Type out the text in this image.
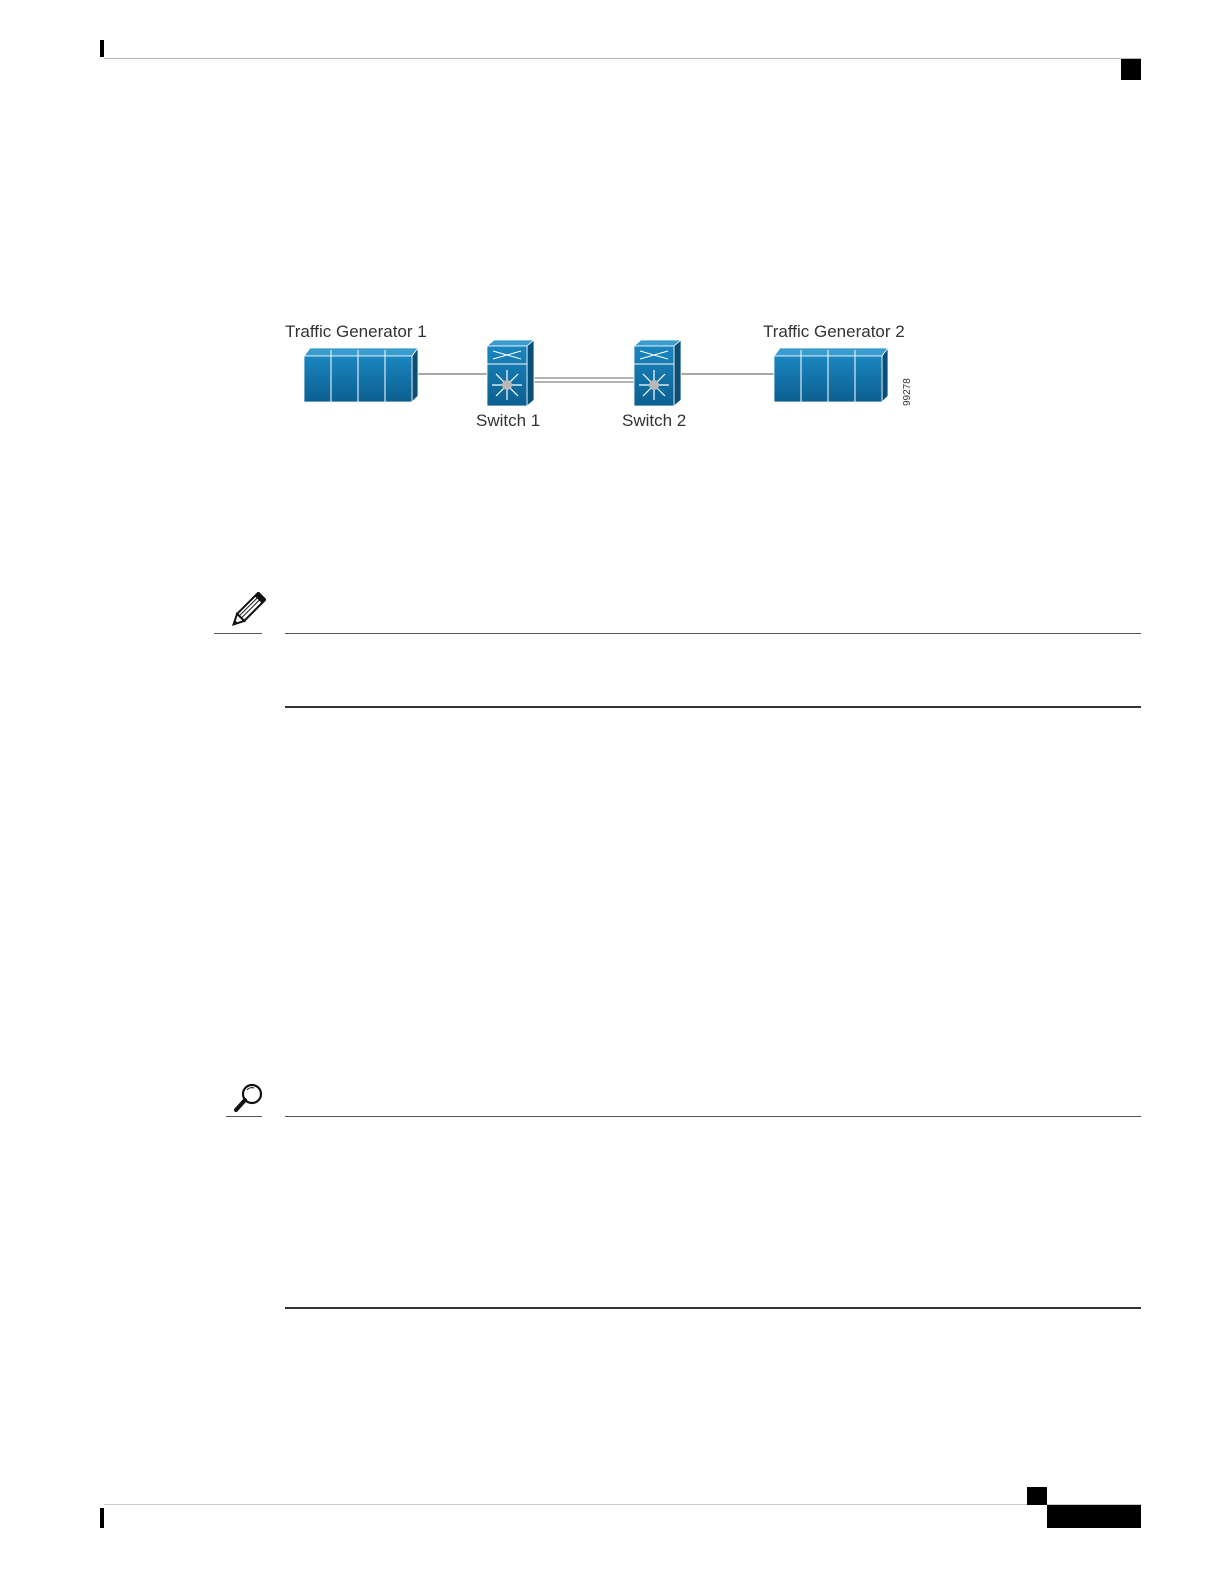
Traffic Generator 1
Switch 1	Switch 2
Traffic Generator 2
99278
